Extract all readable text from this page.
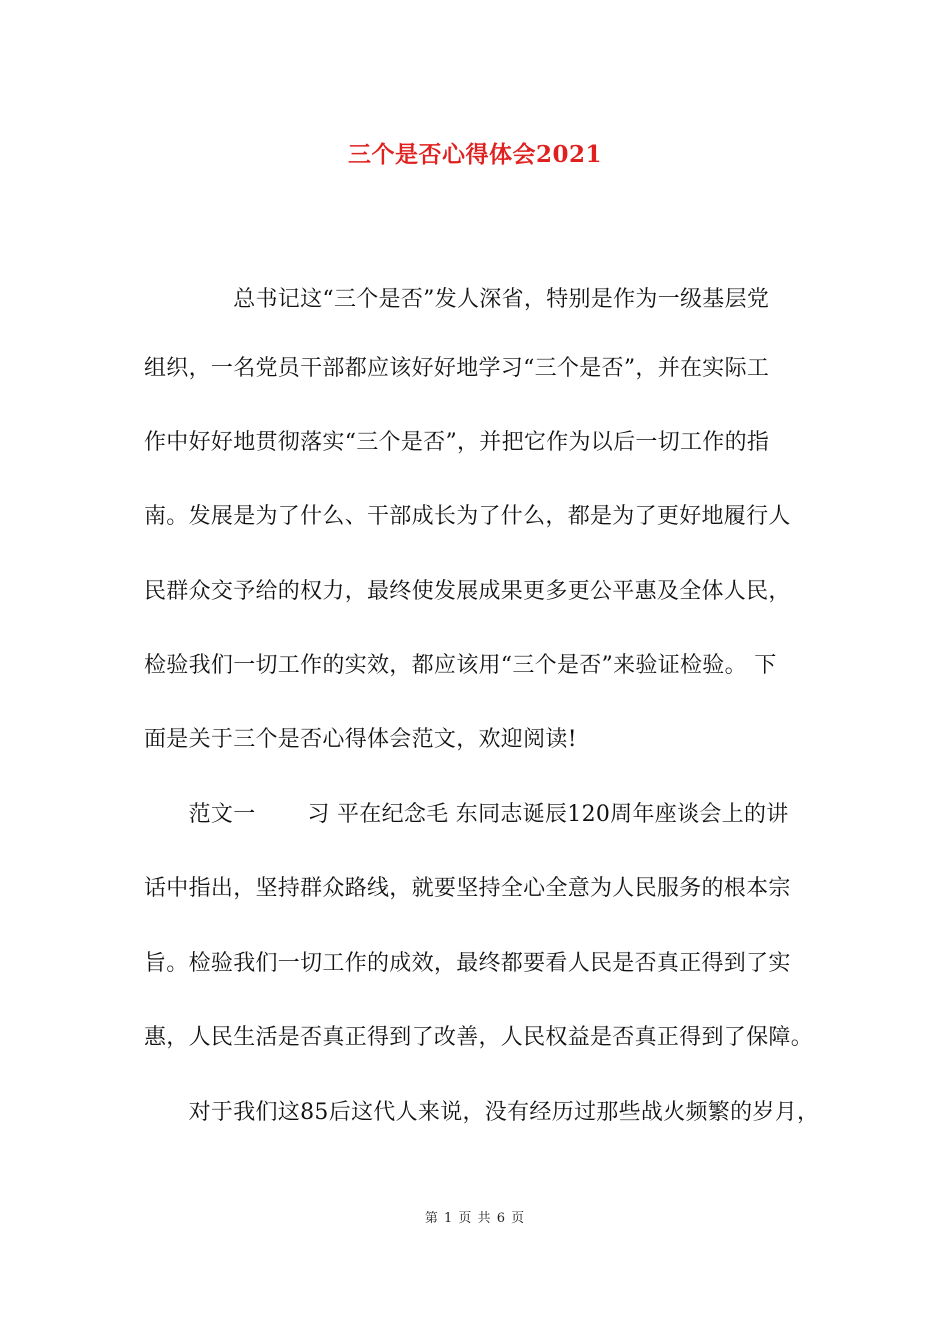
三个是否心得体会2021
　　　　总书记这“三个是否”发人深省，特别是作为一级基层党
组织，一名党员干部都应该好好地学习“三个是否”，并在实际工
作中好好地贯彻落实“三个是否”，并把它作为以后一切工作的指
南。发展是为了什么、干部成长为了什么，都是为了更好地履行人
民群众交予给的权力，最终使发展成果更多更公平惠及全体人民，
检验我们一切工作的实效，都应该用“三个是否”来验证检验。 下
面是关于三个是否心得体会范文，欢迎阅读!
　　范文一　　 习 平在纪念毛 东同志诞辰120周年座谈会上的讲
话中指出，坚持群众路线，就要坚持全心全意为人民服务的根本宗
旨。检验我们一切工作的成效，最终都要看人民是否真正得到了实
惠，人民生活是否真正得到了改善，人民权益是否真正得到了保障。
　　对于我们这85后这代人来说，没有经历过那些战火频繁的岁月，
第 1 页 共 6 页
